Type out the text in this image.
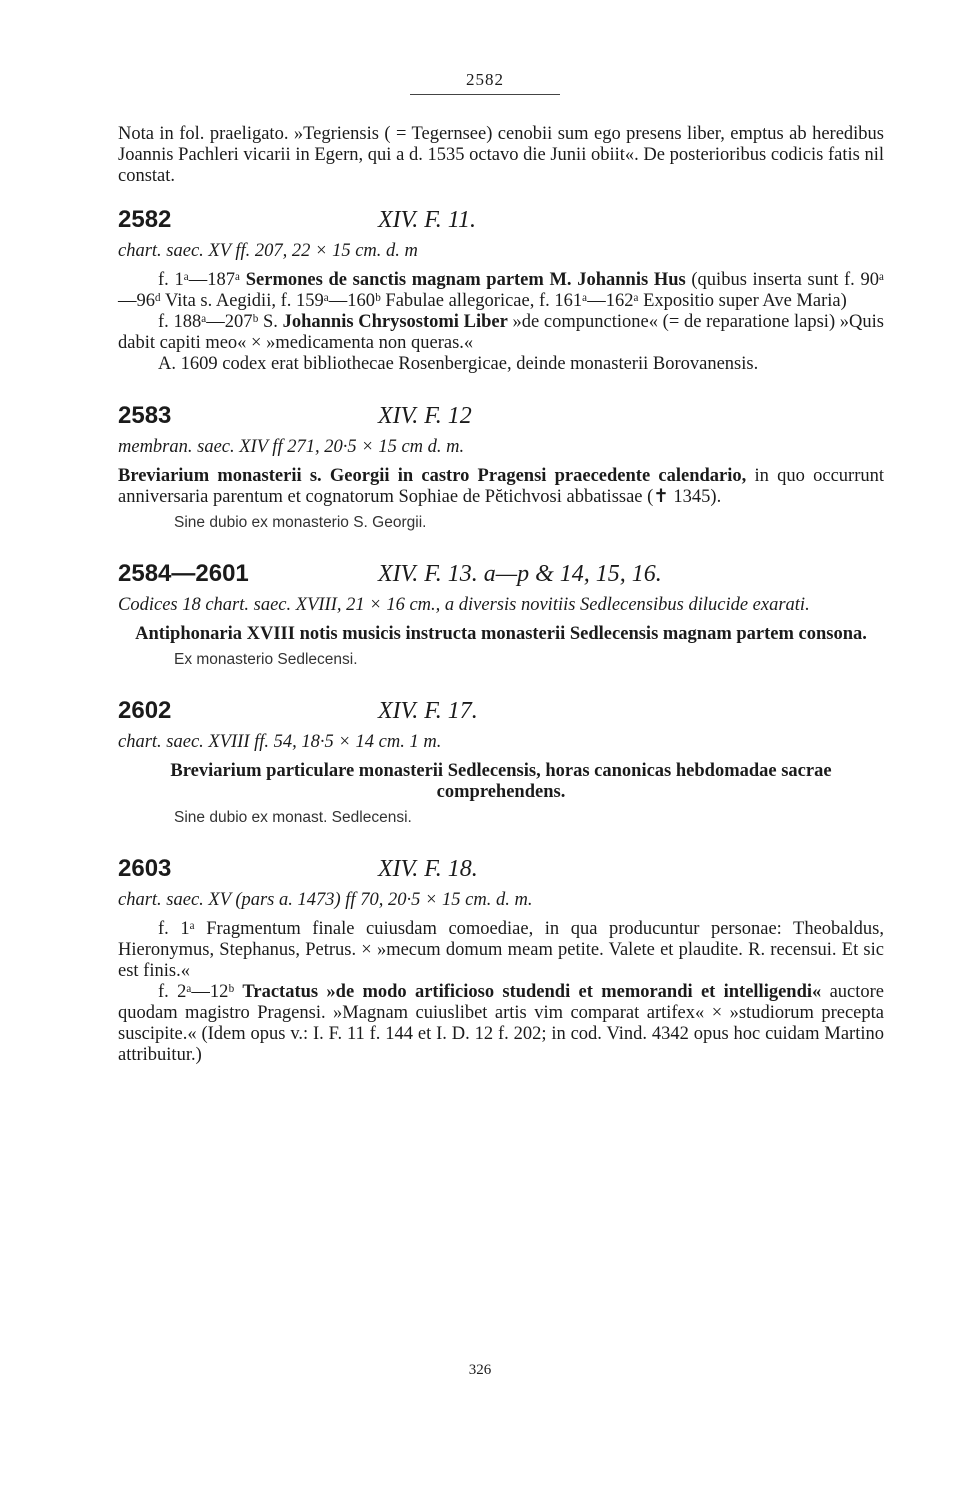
2582

Nota in fol. praeligato. »Tegriensis ( = Tegernsee) cenobii sum ego presens liber, emptus ab heredibus Joannis Pachleri vicarii in Egern, qui a d. 1535 octavo die Junii obiit«. De posterioribus codicis fatis nil constat.

2582	XIV. F. 11.

chart. saec. XV ff. 207, 22 × 15 cm. d. m

f. 1ᵃ—187ᵃ Sermones de sanctis magnam partem M. Johannis Hus (quibus inserta sunt f. 90ᵃ—96ᵈ Vita s. Aegidii, f. 159ᵃ—160ᵇ Fabulae allegoricae, f. 161ᵃ—162ᵃ Expositio super Ave Maria)

f. 188ᵃ—207ᵇ S. Johannis Chrysostomi Liber »de compunctione« (= de reparatione lapsi) »Quis dabit capiti meo« × »medicamenta non queras.«

A. 1609 codex erat bibliothecae Rosenbergicae, deinde monasterii Borovanensis.

2583	XIV. F. 12

membran. saec. XIV ff 271, 20·5 × 15 cm d. m.

Breviarium monasterii s. Georgii in castro Pragensi praecedente calendario, in quo occurrunt anniversaria parentum et cognatorum Sophiae de Pĕtichvosi abbatissae (✝ 1345).

Sine dubio ex monasterio S. Georgii.

2584—2601	XIV. F. 13. a—p & 14, 15, 16.

Codices 18 chart. saec. XVIII, 21 × 16 cm., a diversis novitiis Sedlecensibus dilucide exarati.

Antiphonaria XVIII notis musicis instructa monasterii Sedlecensis magnam partem consona.

Ex monasterio Sedlecensi.

2602	XIV. F. 17.

chart. saec. XVIII ff. 54, 18·5 × 14 cm. 1 m.

Breviarium particulare monasterii Sedlecensis, horas canonicas hebdomadae sacrae comprehendens.

Sine dubio ex monast. Sedlecensi.

2603	XIV. F. 18.

chart. saec. XV (pars a. 1473) ff 70, 20·5 × 15 cm. d. m.

f. 1ᵃ Fragmentum finale cuiusdam comoediae, in qua producuntur personae: Theobaldus, Hieronymus, Stephanus, Petrus. × »mecum domum meam petite. Valete et plaudite. R. recensui. Et sic est finis.«

f. 2ᵃ—12ᵇ Tractatus »de modo artificioso studendi et memorandi et intelligendi« auctore quodam magistro Pragensi. »Magnam cuiuslibet artis vim comparat artifex« × »studiorum precepta suscipite.« (Idem opus v.: I. F. 11 f. 144 et I. D. 12 f. 202; in cod. Vind. 4342 opus hoc cuidam Martino attribuitur.)

326
